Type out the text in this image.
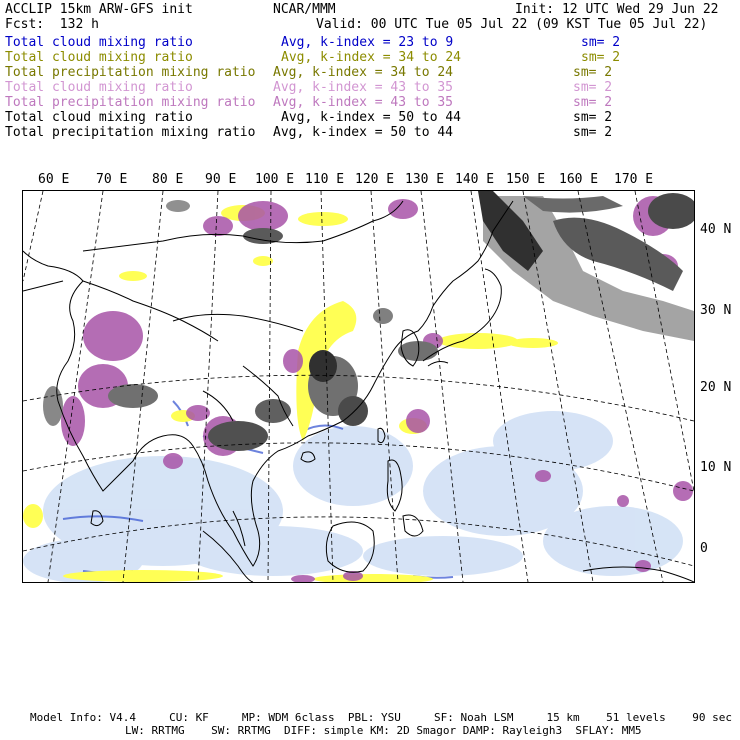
ACCLIP 15km ARW-GFS init	NCAR/MMM	Init: 12 UTC Wed 29 Jun 22
Fcst:  132 h	Valid: 00 UTC Tue 05 Jul 22 (09 KST Tue 05 Jul 22)
Total cloud mixing ratio	Avg, k-index = 23 to 9	sm= 2
Total cloud mixing ratio	Avg, k-index = 34 to 24	sm= 2
Total precipitation mixing ratio Avg, k-index = 34 to 24	sm= 2
Total cloud mixing ratio	Avg, k-index = 43 to 35	sm= 2
Total precipitation mixing ratio Avg, k-index = 43 to 35	sm= 2
Total cloud mixing ratio	Avg, k-index = 50 to 44	sm= 2
Total precipitation mixing ratio Avg, k-index = 50 to 44	sm= 2
60 E 70 E 80 E 90 E 100 E 110 E 120 E 130 E 140 E 150 E 160 E 170 E
40 N
30 N
20 N
10 N
0
Model Info: V4.4     CU: KF     MP: WDM 6class  PBL: YSU     SF: Noah LSM     15 km    51 levels    90 sec
LW: RRTMG    SW: RRTMG  DIFF: simple KM: 2D Smagor DAMP: Rayleigh3  SFLAY: MM5
